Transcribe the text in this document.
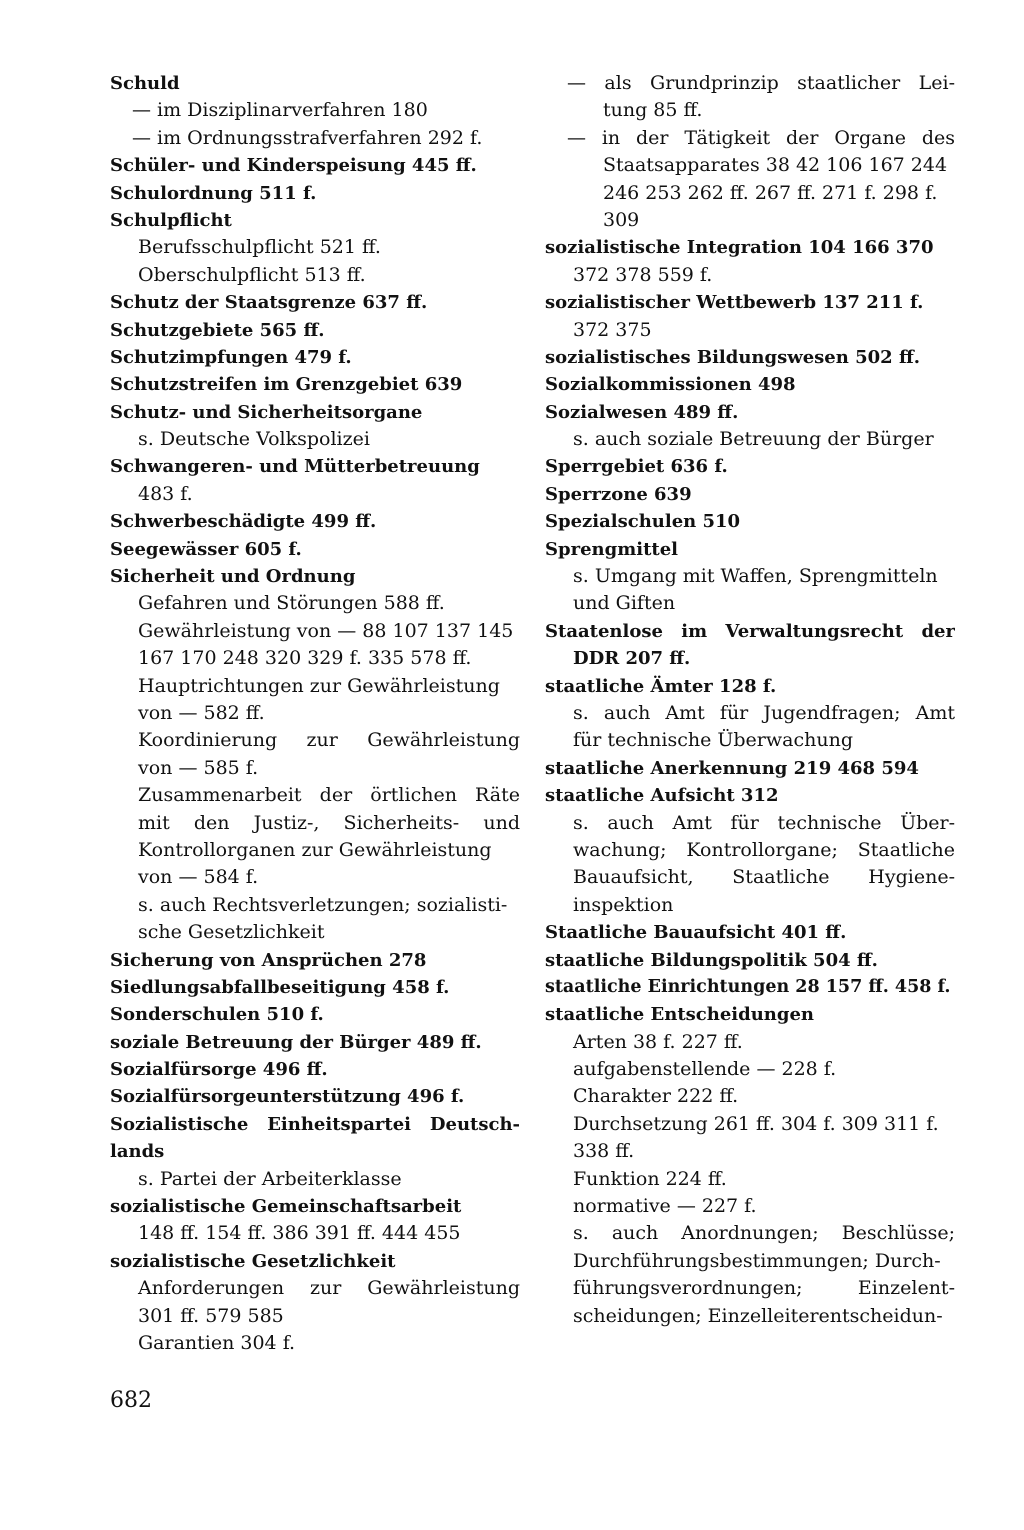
Schuld
— im Disziplinarverfahren 180
— im Ordnungsstrafverfahren 292 f.
Schüler- und Kinderspeisung 445 ff.
Schulordnung 511 f.
Schulpflicht
Berufsschulpflicht 521 ff.
Oberschulpflicht 513 ff.
Schutz der Staatsgrenze 637 ff.
Schutzgebiete 565 ff.
Schutzimpfungen 479 f.
Schutzstreifen im Grenzgebiet 639
Schutz- und Sicherheitsorgane
s. Deutsche Volkspolizei
Schwangeren- und Mütterbetreuung
483 f.
Schwerbeschädigte 499 ff.
Seegewässer 605 f.
Sicherheit und Ordnung
Gefahren und Störungen 588 ff.
Gewährleistung von — 88 107 137 145
167 170 248 320 329 f. 335 578 ff.
Hauptrichtungen zur Gewährleistung
von — 582 ff.
Koordinierung zur Gewährleistung
von — 585 f.
Zusammenarbeit der örtlichen Räte
mit den Justiz-, Sicherheits- und
Kontrollorganen zur Gewährleistung
von — 584 f.
s. auch Rechtsverletzungen; sozialisti-
sche Gesetzlichkeit
Sicherung von Ansprüchen 278
Siedlungsabfallbeseitigung 458 f.
Sonderschulen 510 f.
soziale Betreuung der Bürger 489 ff.
Sozialfürsorge 496 ff.
Sozialfürsorgeunterstützung 496 f.
Sozialistische Einheitspartei Deutsch-
lands
s. Partei der Arbeiterklasse
sozialistische Gemeinschaftsarbeit
148 ff. 154 ff. 386 391 ff. 444 455
sozialistische Gesetzlichkeit
Anforderungen zur Gewährleistung
301 ff. 579 585
Garantien 304 f.
— als Grundprinzip staatlicher Lei-
tung 85 ff.
— in der Tätigkeit der Organe des
Staatsapparates 38 42 106 167 244
246 253 262 ff. 267 ff. 271 f. 298 f.
309
sozialistische Integration 104 166 370
372 378 559 f.
sozialistischer Wettbewerb 137 211 f.
372 375
sozialistisches Bildungswesen 502 ff.
Sozialkommissionen 498
Sozialwesen 489 ff.
s. auch soziale Betreuung der Bürger
Sperrgebiet 636 f.
Sperrzone 639
Spezialschulen 510
Sprengmittel
s. Umgang mit Waffen, Sprengmitteln
und Giften
Staatenlose im Verwaltungsrecht der
DDR 207 ff.
staatliche Ämter 128 f.
s. auch Amt für Jugendfragen; Amt
für technische Überwachung
staatliche Anerkennung 219 468 594
staatliche Aufsicht 312
s. auch Amt für technische Über-
wachung; Kontrollorgane; Staatliche
Bauaufsicht, Staatliche Hygiene-
inspektion
Staatliche Bauaufsicht 401 ff.
staatliche Bildungspolitik 504 ff.
staatliche Einrichtungen 28 157 ff. 458 f.
staatliche Entscheidungen
Arten 38 f. 227 ff.
aufgabenstellende — 228 f.
Charakter 222 ff.
Durchsetzung 261 ff. 304 f. 309 311 f.
338 ff.
Funktion 224 ff.
normative — 227 f.
s. auch Anordnungen; Beschlüsse;
Durchführungsbestimmungen; Durch-
führungsverordnungen; Einzelent-
scheidungen; Einzelleiterentscheidun-
682
